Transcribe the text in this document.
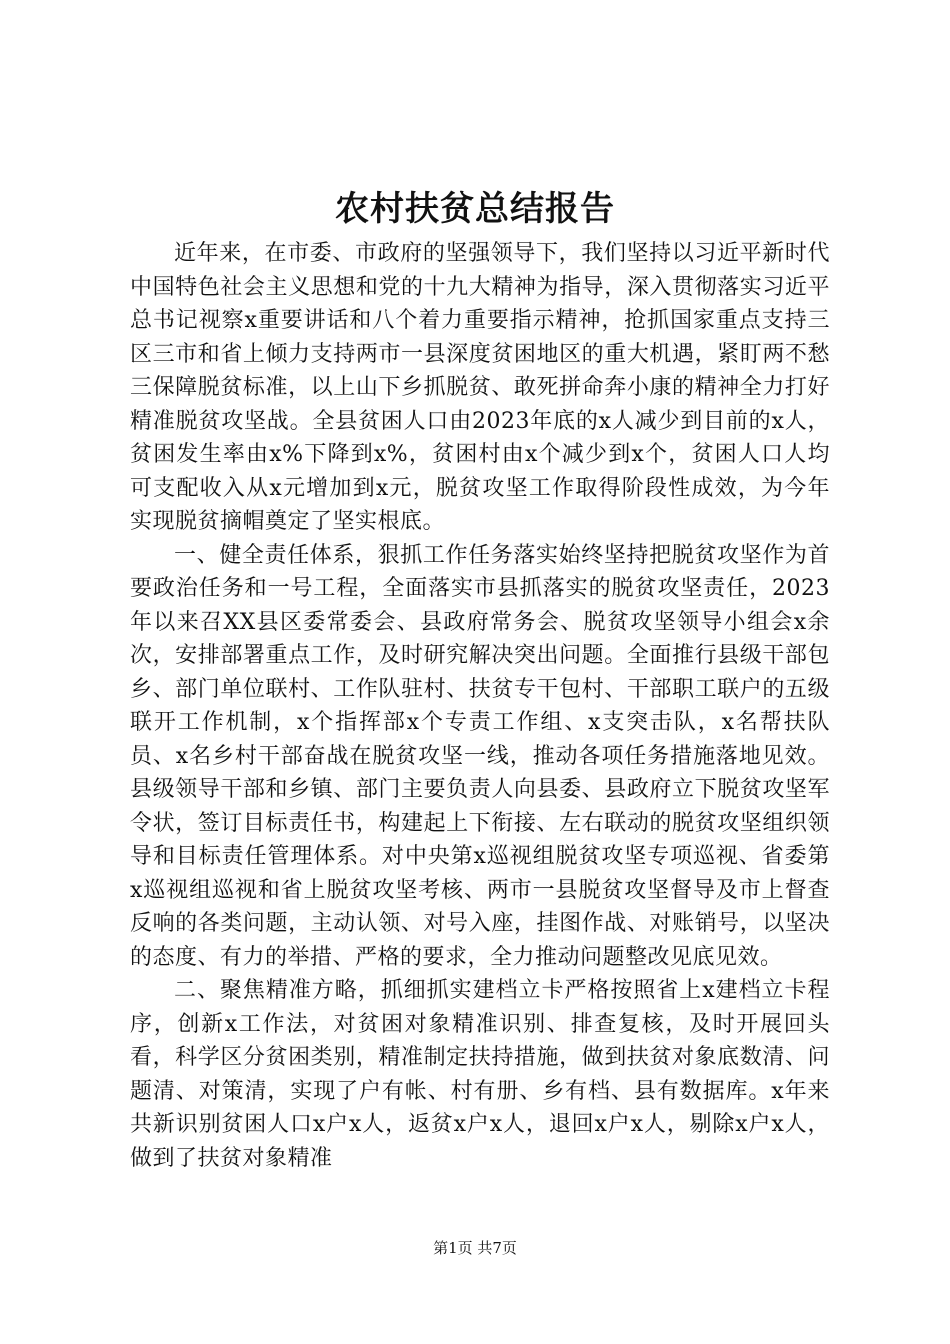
农村扶贫总结报告

近年来，在市委、市政府的坚强领导下，我们坚持以习近平新时代中国特色社会主义思想和党的十九大精神为指导，深入贯彻落实习近平总书记视察x重要讲话和八个着力重要指示精神，抢抓国家重点支持三区三市和省上倾力支持两市一县深度贫困地区的重大机遇，紧盯两不愁三保障脱贫标准，以上山下乡抓脱贫、敢死拼命奔小康的精神全力打好精准脱贫攻坚战。全县贫困人口由2023年底的x人减少到目前的x人，贫困发生率由x%下降到x%，贫困村由x个减少到x个，贫困人口人均可支配收入从x元增加到x元，脱贫攻坚工作取得阶段性成效，为今年实现脱贫摘帽奠定了坚实根底。

一、健全责任体系，狠抓工作任务落实始终坚持把脱贫攻坚作为首要政治任务和一号工程，全面落实市县抓落实的脱贫攻坚责任，2023年以来召XX县区委常委会、县政府常务会、脱贫攻坚领导小组会x余次，安排部署重点工作，及时研究解决突出问题。全面推行县级干部包乡、部门单位联村、工作队驻村、扶贫专干包村、干部职工联户的五级联开工作机制，x个指挥部x个专责工作组、x支突击队，x名帮扶队员、x名乡村干部奋战在脱贫攻坚一线，推动各项任务措施落地见效。县级领导干部和乡镇、部门主要负责人向县委、县政府立下脱贫攻坚军令状，签订目标责任书，构建起上下衔接、左右联动的脱贫攻坚组织领导和目标责任管理体系。对中央第x巡视组脱贫攻坚专项巡视、省委第x巡视组巡视和省上脱贫攻坚考核、两市一县脱贫攻坚督导及市上督查反响的各类问题，主动认领、对号入座，挂图作战、对账销号，以坚决的态度、有力的举措、严格的要求，全力推动问题整改见底见效。

二、聚焦精准方略，抓细抓实建档立卡严格按照省上x建档立卡程序，创新x工作法，对贫困对象精准识别、排查复核，及时开展回头看，科学区分贫困类别，精准制定扶持措施，做到扶贫对象底数清、问题清、对策清，实现了户有帐、村有册、乡有档、县有数据库。x年来共新识别贫困人口x户x人，返贫x户x人，退回x户x人，剔除x户x人，做到了扶贫对象精准

第1页 共7页
